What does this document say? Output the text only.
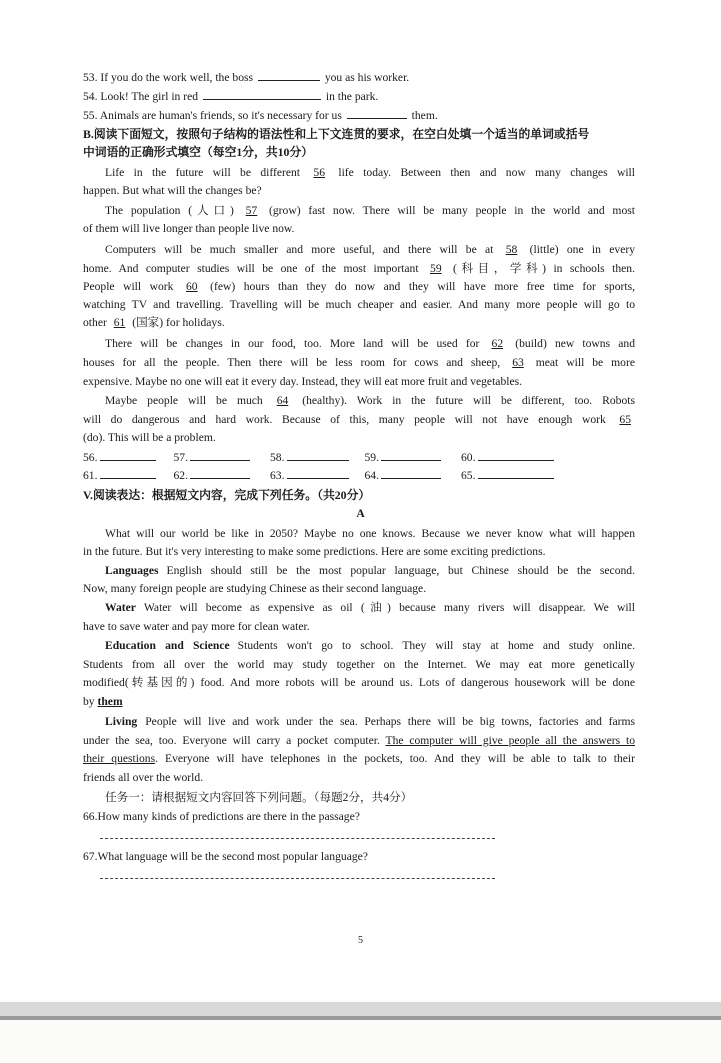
53. If you do the work well, the boss	you as his worker.
54. Look! The girl in red	in the park.
55. Animals are human's friends, so it's necessary for us	them.
B.阅读下面短文，按照句子结构的语法性和上下文连贯的要求，在空白处填一个适当的单词或括号
中词语的正确形式填空（每空1分，共10分）
Life in the future will be different 56 life today. Between then and now many changes will
happen. But what will the changes be?
The population (人口) 57 (grow) fast now. There will be many people in the world and most
of them will live longer than people live now.
Computers will be much smaller and more useful, and there will be at 58 (little) one in every
home. And computer studies will be one of the most important 59 (科目，学科) in schools then.
People will work 60 (few) hours than they do now and they will have more free time for sports,
watching TV and travelling. Travelling will be much cheaper and easier. And many more people will go to
other 61 (国家) for holidays.
There will be changes in our food, too. More land will be used for 62 (build) new towns and
houses for all the people. Then there will be less room for cows and sheep, 63 meat will be more
expensive. Maybe no one will eat it every day. Instead, they will eat more fruit and vegetables.
Maybe people will be much 64 (healthy). Work in the future will be different, too. Robots
will do dangerous and hard work. Because of this, many people will not have enough work 65
(do). This will be a problem.
56.	57.	58.	59.	60.
61.	62.	63.	64.	65.
V.阅读表达：根据短文内容，完成下列任务。（共20分）
A
What will our world be like in 2050? Maybe no one knows. Because we never know what will happen
in the future. But it's very interesting to make some predictions. Here are some exciting predictions.
Languages English should still be the most popular language, but Chinese should be the second.
Now, many foreign people are studying Chinese as their second language.
Water Water will become as expensive as oil (油) because many rivers will disappear. We will
have to save water and pay more for clean water.
Education and Science Students won't go to school. They will stay at home and study online.
Students from all over the world may study together on the Internet. We may eat more genetically
modified(转基因的) food. And more robots will be around us. Lots of dangerous housework will be done
by them
Living People will live and work under the sea. Perhaps there will be big towns, factories and farms
under the sea, too. Everyone will carry a pocket computer. The computer will give people all the answers to
their questions. Everyone will have telephones in the pockets, too. And they will be able to talk to their
friends all over the world.
任务一：请根据短文内容回答下列问题。（每题2分，共4分）
66.How many kinds of predictions are there in the passage?
67.What language will be the second most popular language?
5
